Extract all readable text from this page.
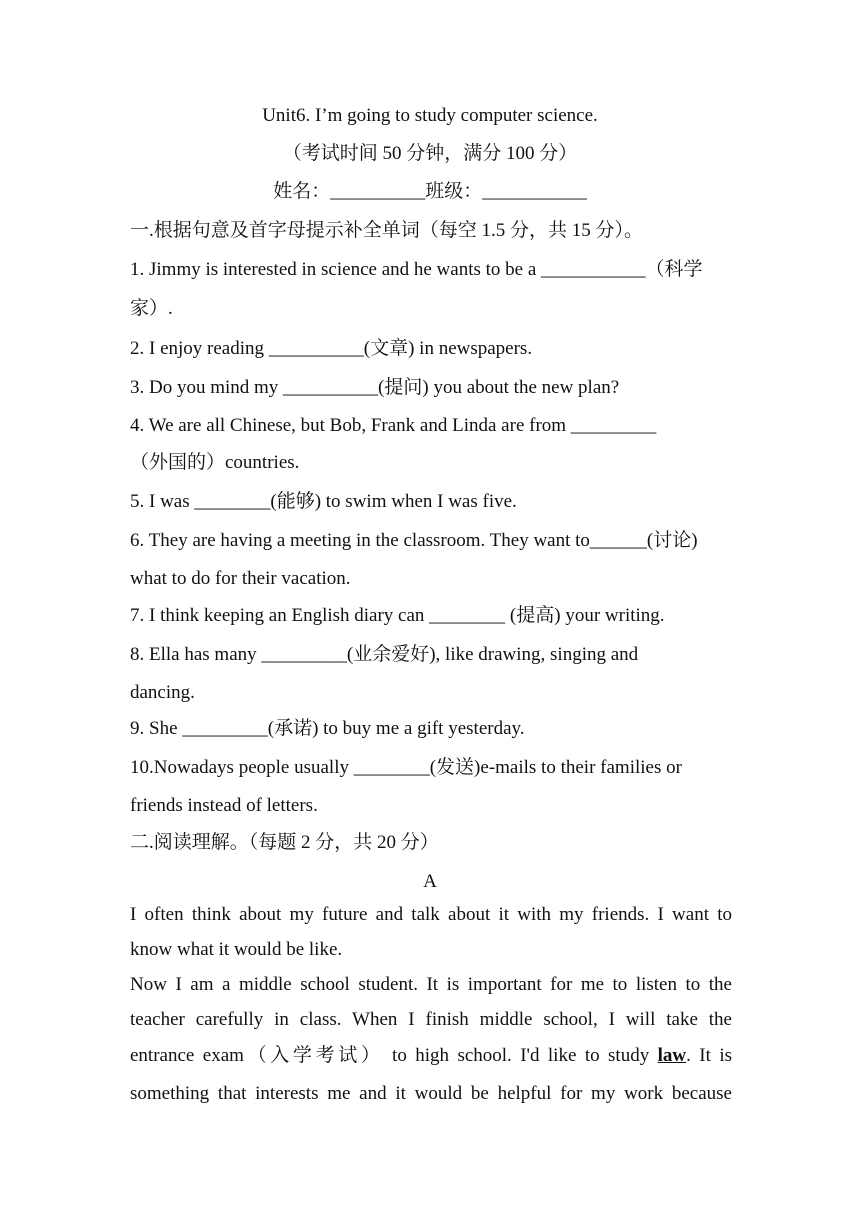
Unit6. I’m going to study computer science.
（考试时间 50 分钟，满分 100 分）
姓名：__________班级：___________
一.根据句意及首字母提示补全单词（每空 1.5 分，共 15 分）。
1. Jimmy is interested in science and he wants to be a ___________（科学
家）.
2. I enjoy reading __________(文章) in newspapers.
3. Do you mind my __________(提问) you about the new plan?
4. We are all Chinese, but Bob, Frank and Linda are from _________
（外国的）countries.
5. I was ________(能够) to swim when I was five.
6. They are having a meeting in the classroom. They want to______(讨论)
what to do for their vacation.
7. I think keeping an English diary can ________ (提高) your writing.
8. Ella has many _________(业余爱好), like drawing, singing and
dancing.
9. She _________(承诺) to buy me a gift yesterday.
10.Nowadays people usually ________(发送)e-mails to their families or
friends instead of letters.
二.阅读理解。（每题 2 分，共 20 分）
A
I often think about my future and talk about it with my friends. I want to
know what it would be like.
Now I am a middle school student. It is important for me to listen to the
teacher carefully in class. When I finish middle school, I will take the
entrance exam（入学考试） to high school. I'd like to study law. It is
something that interests me and it would be helpful for my work because
